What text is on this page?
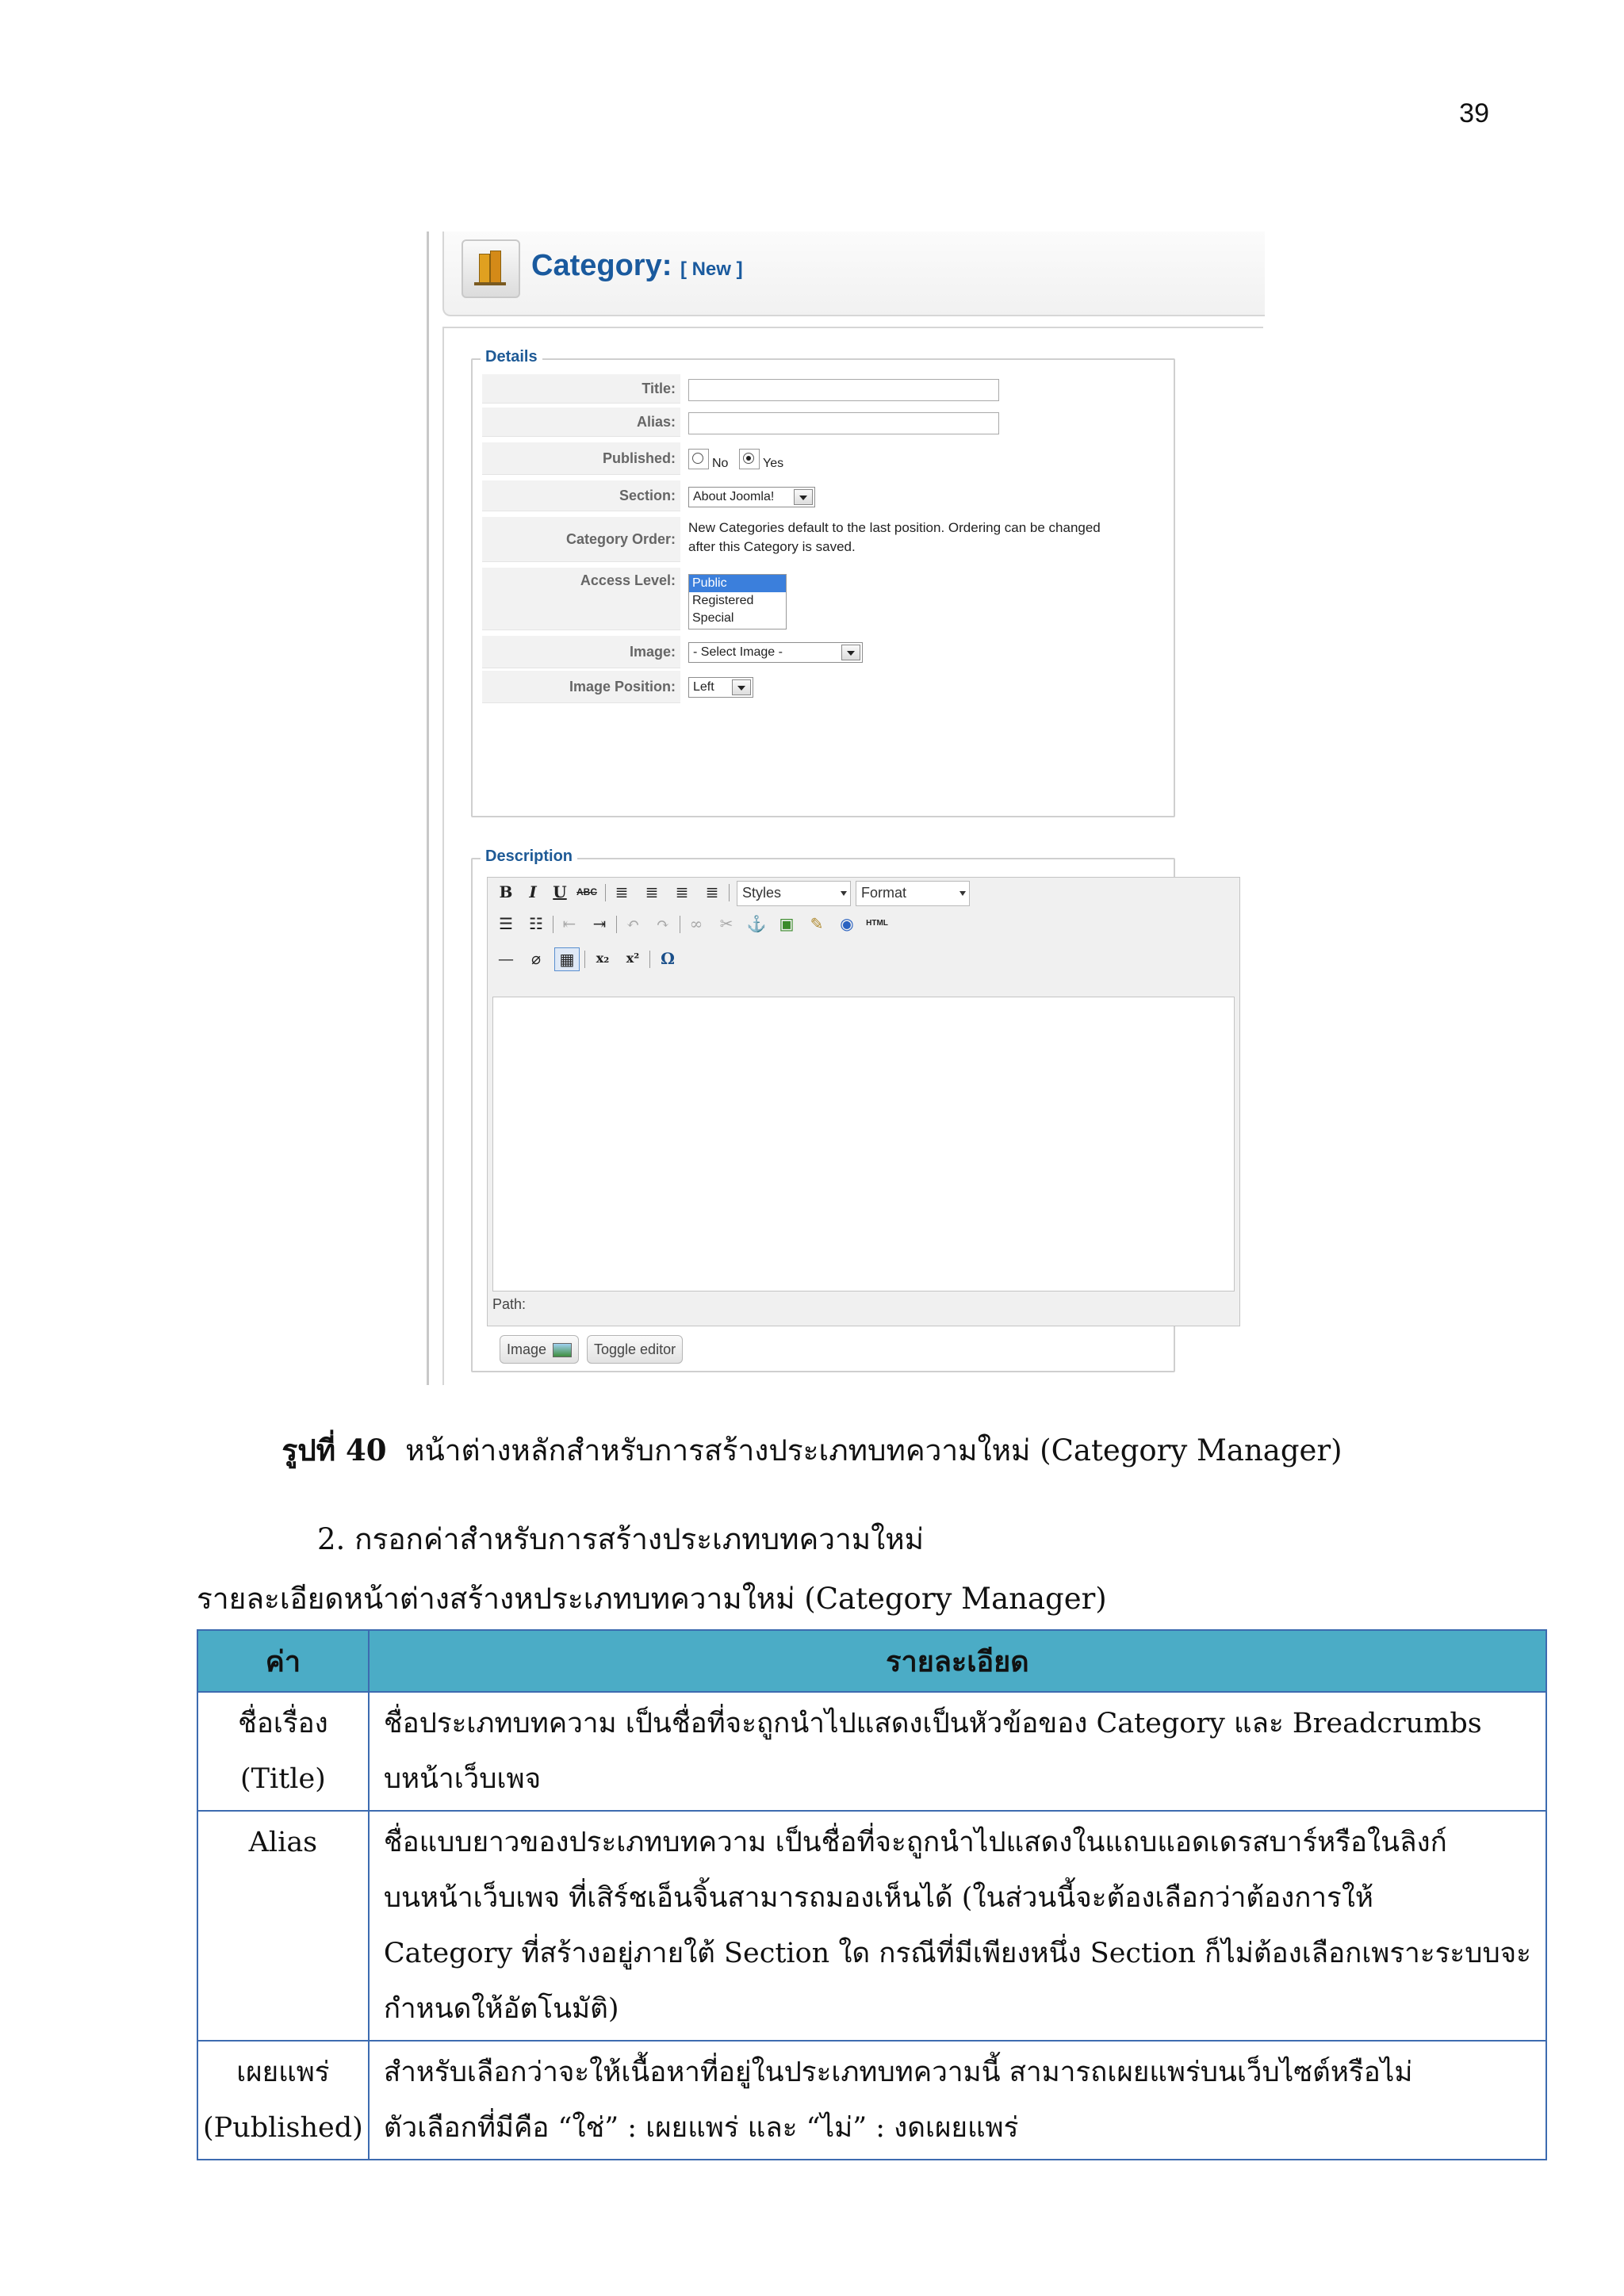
39
Category: [ New ]
Details
Title:
Alias:
Published:	No	Yes
Section: About Joomla!
Category Order:
New Categories default to the last position. Ordering can be changed
after this Category is saved.
Access Level: Public
Registered
Special
Image: - Select Image -
Image Position: Left
Description
B	I	U	ABC	≣	≣	≣	≣	Styles	Format
☰	☷	⇤	⇥	↶	↷	∞	✂ ⚓ ▣	✎	◉	HTML
—	⌀	▦	x₂	x²	Ω
Path:
Image	Toggle editor
รูปที่ 40 หน้าต่างหลักสำหรับการสร้างประเภทบทความใหม่ (Category Manager)
2. กรอกค่าสำหรับการสร้างประเภทบทความใหม่
รายละเอียดหน้าต่างสร้างหประเภทบทความใหม่ (Category Manager)
ค่า	รายละเอียด

ชื่อเรื่อง
(Title)	ชื่อประเภทบทความ เป็นชื่อที่จะถูกนำไปแสดงเป็นหัวข้อของ Category และ Breadcrumbs
บหน้าเว็บเพจ

Alias	ชื่อแบบยาวของประเภทบทความ เป็นชื่อที่จะถูกนำไปแสดงในแถบแอดเดรสบาร์หรือในลิงก์
บนหน้าเว็บเพจ ที่เสิร์ชเอ็นจิ้นสามารถมองเห็นได้ (ในส่วนนี้จะต้องเลือกว่าต้องการให้
Category ที่สร้างอยู่ภายใต้ Section ใด กรณีที่มีเพียงหนึ่ง Section ก็ไม่ต้องเลือกเพราะระบบจะ
กำหนดให้อัตโนมัติ)

เผยแพร่
(Published)	สำหรับเลือกว่าจะให้เนื้อหาที่อยู่ในประเภทบทความนี้ สามารถเผยแพร่บนเว็บไซต์หรือไม่
ตัวเลือกที่มีคือ “ใช่” : เผยแพร่ และ “ไม่” : งดเผยแพร่
